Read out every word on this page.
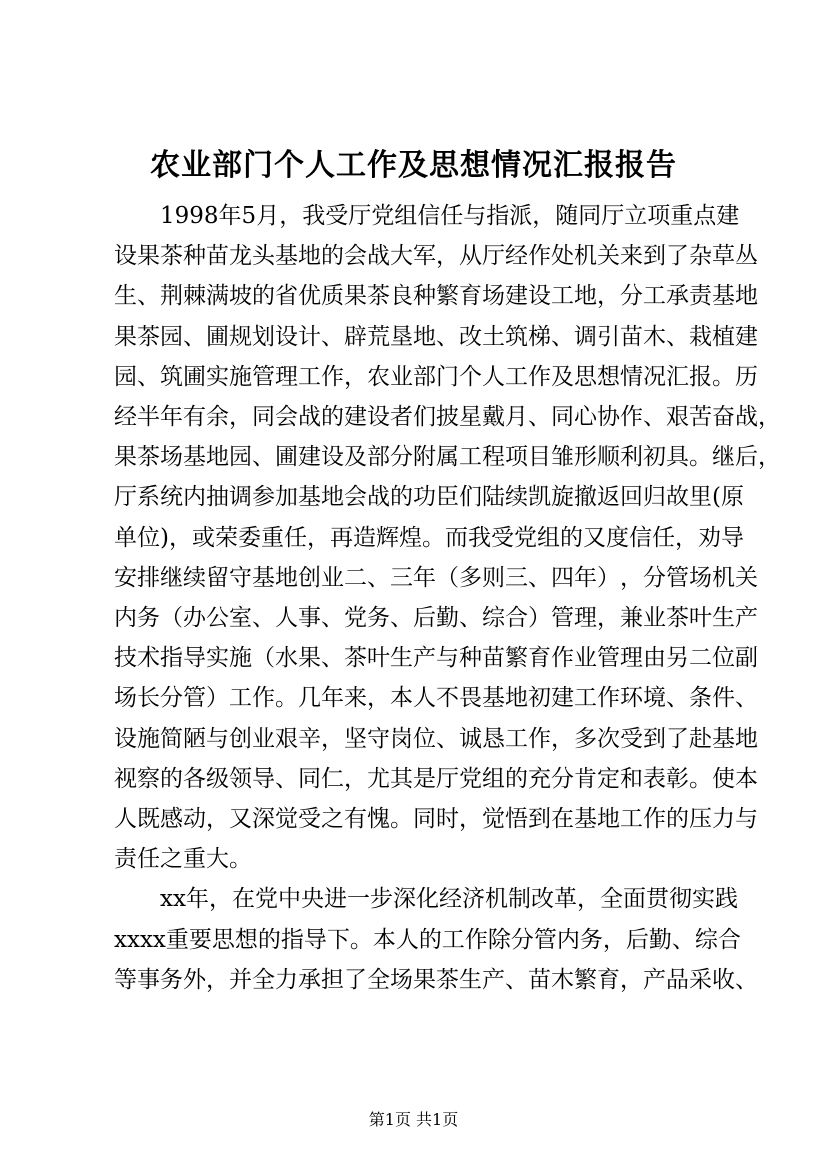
农业部门个人工作及思想情况汇报报告
1998 年 5 月 ， 我 受 厅 党 组 信 任 与 指 派 ， 随 同 厅 立 项 重 点 建
设 果 茶 种 苗 龙 头 基 地 的 会 战 大 军 ， 从 厅 经 作 处 机 关 来 到 了 杂 草 丛
生 、 荆 棘 满 坡 的 省 优 质 果 茶 良 种 繁 育 场 建 设 工 地 ， 分 工 承 责 基 地
果 茶 园 、 圃 规 划 设 计 、 辟 荒 垦 地 、 改 土 筑 梯 、 调 引 苗 木 、 栽 植 建
园 、 筑 圃 实 施 管 理 工 作 ， 农 业 部 门 个 人 工 作 及 思 想 情 况 汇 报 。 历
经 半 年 有 余 ， 同 会 战 的 建 设 者 们 披 星 戴 月 、 同 心 协 作 、 艰 苦 奋 战 ，
果 茶 场 基 地 园 、 圃 建 设 及 部 分 附 属 工 程 项 目 雏 形 顺 利 初 具 。 继 后 ，
厅 系 统 内 抽 调 参 加 基 地 会 战 的 功 臣 们 陆 续 凯 旋 撤 返 回 归 故 里 ( 原
单 位 ) ， 或 荣 委 重 任 ， 再 造 辉 煌 。 而 我 受 党 组 的 又 度 信 任 ， 劝 导
安 排 继 续 留 守 基 地 创 业 二 、 三 年 （ 多 则 三 、 四 年 ） ， 分 管 场 机 关
内 务 （ 办 公 室 、 人 事 、 党 务 、 后 勤 、 综 合 ） 管 理 ， 兼 业 茶 叶 生 产
技 术 指 导 实 施 （ 水 果 、 茶 叶 生 产 与 种 苗 繁 育 作 业 管 理 由 另 二 位 副
场 长 分 管 ） 工 作 。 几 年 来 ， 本 人 不 畏 基 地 初 建 工 作 环 境 、 条 件 、
设 施 简 陋 与 创 业 艰 辛 ， 坚 守 岗 位 、 诚 恳 工 作 ， 多 次 受 到 了 赴 基 地
视 察 的 各 级 领 导 、 同 仁 ， 尤 其 是 厅 党 组 的 充 分 肯 定 和 表 彰 。 使 本
人 既 感 动 ， 又 深 觉 受 之 有 愧 。 同 时 ， 觉 悟 到 在 基 地 工 作 的 压 力 与
责任之重大。
xx 年 ， 在 党 中 央 进 一 步 深 化 经 济 机 制 改 革 ， 全 面 贯 彻 实 践
xxxx 重 要 思 想 的 指 导 下 。 本 人 的 工 作 除 分 管 内 务 ， 后 勤 、 综 合
等 事 务 外 ， 并 全 力 承 担 了 全 场 果 茶 生 产 、 苗 木 繁 育 ， 产 品 采 收 、
第1页 共1页
